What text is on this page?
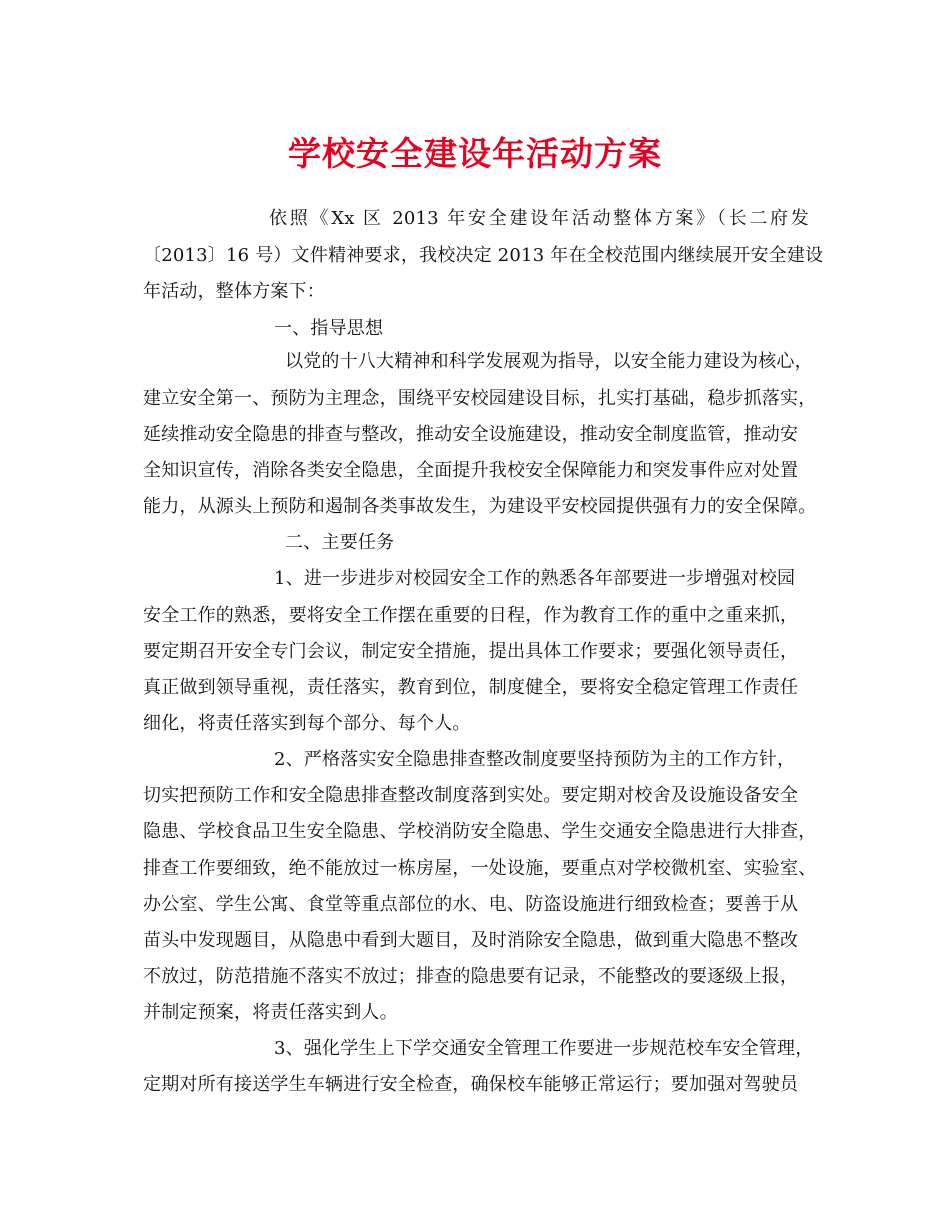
学校安全建设年活动方案
依照《Xx 区 2013 年安全建设年活动整体方案》（长二府发
〔2013〕16 号）文件精神要求，我校决定 2013 年在全校范围内继续展开安全建设
年活动，整体方案下：
一、指导思想
以党的十八大精神和科学发展观为指导，以安全能力建设为核心，
建立安全第一、预防为主理念，围绕平安校园建设目标，扎实打基础，稳步抓落实，
延续推动安全隐患的排查与整改，推动安全设施建设，推动安全制度监管，推动安
全知识宣传，消除各类安全隐患，全面提升我校安全保障能力和突发事件应对处置
能力，从源头上预防和遏制各类事故发生，为建设平安校园提供强有力的安全保障。
二、主要任务
1、进一步进步对校园安全工作的熟悉各年部要进一步增强对校园
安全工作的熟悉，要将安全工作摆在重要的日程，作为教育工作的重中之重来抓，
要定期召开安全专门会议，制定安全措施，提出具体工作要求；要强化领导责任，
真正做到领导重视，责任落实，教育到位，制度健全，要将安全稳定管理工作责任
细化，将责任落实到每个部分、每个人。
2、严格落实安全隐患排查整改制度要坚持预防为主的工作方针，
切实把预防工作和安全隐患排查整改制度落到实处。要定期对校舍及设施设备安全
隐患、学校食品卫生安全隐患、学校消防安全隐患、学生交通安全隐患进行大排查，
排查工作要细致，绝不能放过一栋房屋，一处设施，要重点对学校微机室、实验室、
办公室、学生公寓、食堂等重点部位的水、电、防盗设施进行细致检查；要善于从
苗头中发现题目，从隐患中看到大题目，及时消除安全隐患，做到重大隐患不整改
不放过，防范措施不落实不放过；排查的隐患要有记录，不能整改的要逐级上报，
并制定预案，将责任落实到人。
3、强化学生上下学交通安全管理工作要进一步规范校车安全管理，
定期对所有接送学生车辆进行安全检查，确保校车能够正常运行；要加强对驾驶员
